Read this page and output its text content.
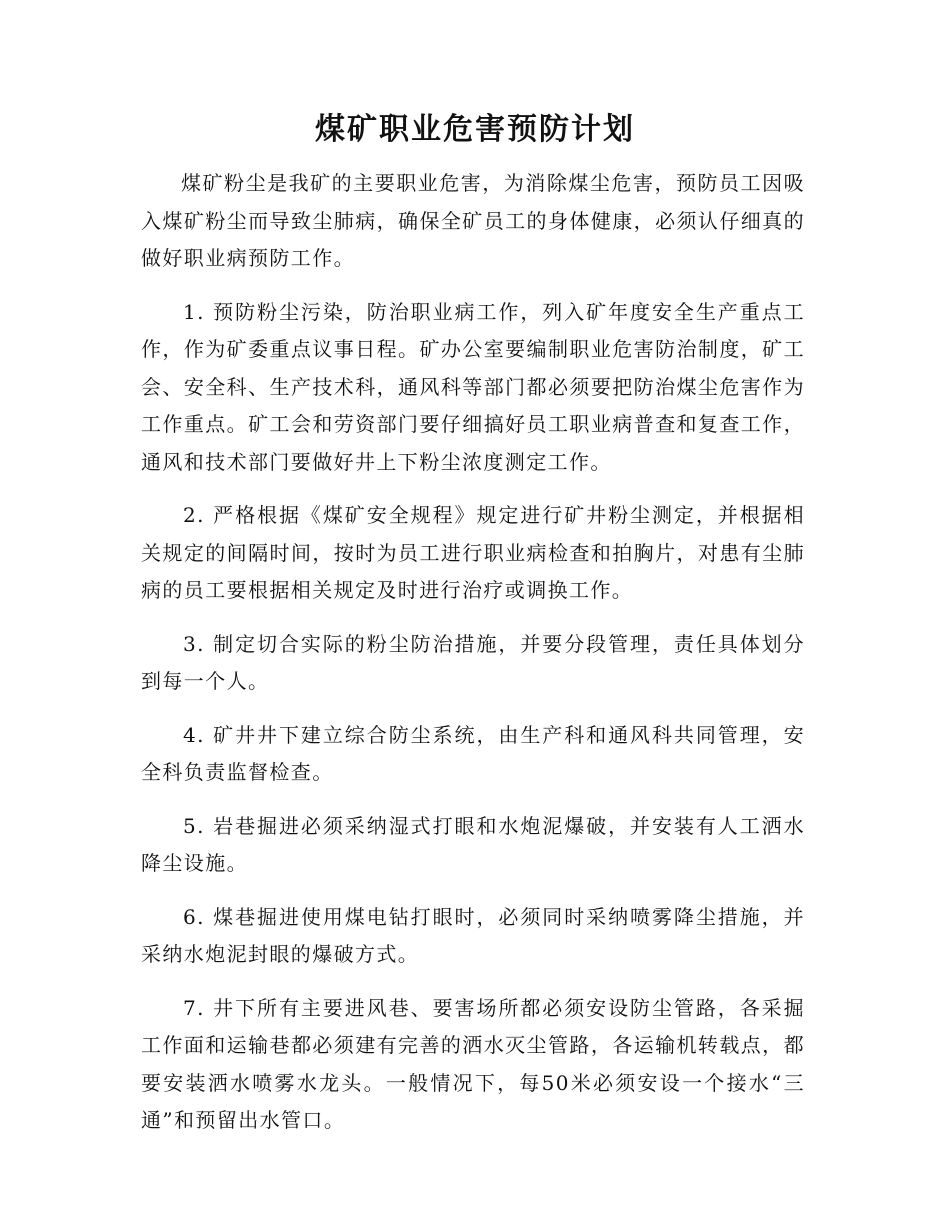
煤矿职业危害预防计划

煤矿粉尘是我矿的主要职业危害，为消除煤尘危害，预防员工因吸入煤矿粉尘而导致尘肺病，确保全矿员工的身体健康，必须认仔细真的做好职业病预防工作。

1. 预防粉尘污染，防治职业病工作，列入矿年度安全生产重点工作，作为矿委重点议事日程。矿办公室要编制职业危害防治制度，矿工会、安全科、生产技术科，通风科等部门都必须要把防治煤尘危害作为工作重点。矿工会和劳资部门要仔细搞好员工职业病普查和复查工作，通风和技术部门要做好井上下粉尘浓度测定工作。

2. 严格根据《煤矿安全规程》规定进行矿井粉尘测定，并根据相关规定的间隔时间，按时为员工进行职业病检查和拍胸片，对患有尘肺病的员工要根据相关规定及时进行治疗或调换工作。

3. 制定切合实际的粉尘防治措施，并要分段管理，责任具体划分到每一个人。

4. 矿井井下建立综合防尘系统，由生产科和通风科共同管理，安全科负责监督检查。

5. 岩巷掘进必须采纳湿式打眼和水炮泥爆破，并安装有人工洒水降尘设施。

6. 煤巷掘进使用煤电钻打眼时，必须同时采纳喷雾降尘措施，并采纳水炮泥封眼的爆破方式。

7. 井下所有主要进风巷、要害场所都必须安设防尘管路，各采掘工作面和运输巷都必须建有完善的洒水灭尘管路，各运输机转载点，都要安装洒水喷雾水龙头。一般情况下，每50米必须安设一个接水“三通”和预留出水管口。
